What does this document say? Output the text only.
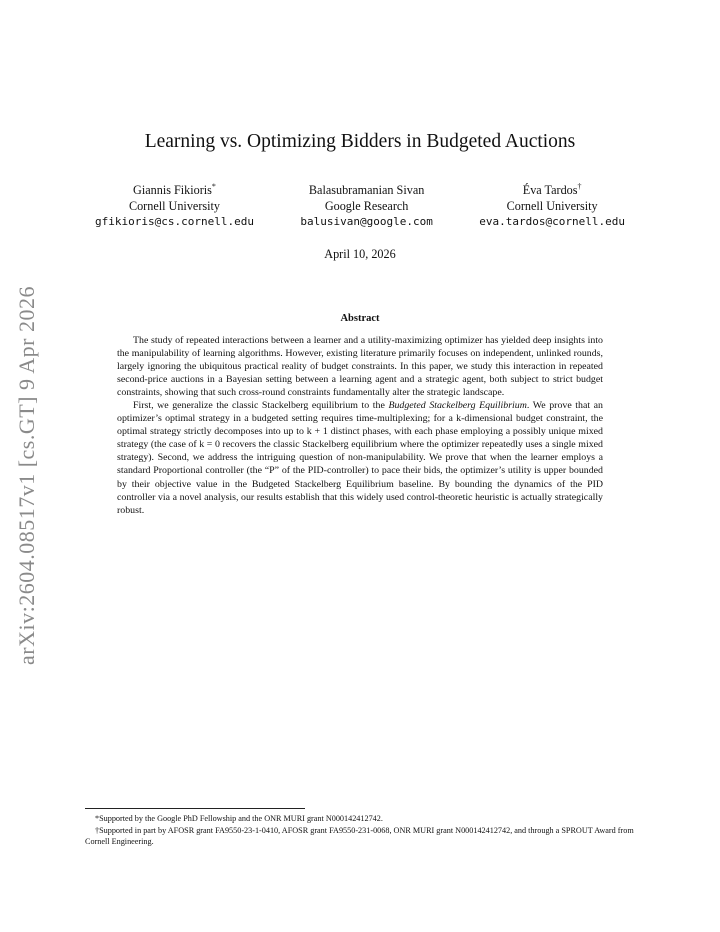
arXiv:2604.08517v1 [cs.GT] 9 Apr 2026
Learning vs. Optimizing Bidders in Budgeted Auctions
Giannis Fikioris*
Cornell University
gfikioris@cs.cornell.edu
Balasubramanian Sivan
Google Research
balusivan@google.com
Éva Tardos†
Cornell University
eva.tardos@cornell.edu
April 10, 2026
Abstract

The study of repeated interactions between a learner and a utility-maximizing optimizer has yielded deep insights into the manipulability of learning algorithms. However, existing literature primarily focuses on independent, unlinked rounds, largely ignoring the ubiquitous practical reality of budget constraints. In this paper, we study this interaction in repeated second-price auctions in a Bayesian setting between a learning agent and a strategic agent, both subject to strict budget constraints, showing that such cross-round constraints fundamentally alter the strategic landscape.

First, we generalize the classic Stackelberg equilibrium to the Budgeted Stackelberg Equilibrium. We prove that an optimizer’s optimal strategy in a budgeted setting requires time-multiplexing; for a k-dimensional budget constraint, the optimal strategy strictly decomposes into up to k + 1 distinct phases, with each phase employing a possibly unique mixed strategy (the case of k = 0 recovers the classic Stackelberg equilibrium where the optimizer repeatedly uses a single mixed strategy). Second, we address the intriguing question of non-manipulability. We prove that when the learner employs a standard Proportional controller (the “P” of the PID-controller) to pace their bids, the optimizer’s utility is upper bounded by their objective value in the Budgeted Stackelberg Equilibrium baseline. By bounding the dynamics of the PID controller via a novel analysis, our results establish that this widely used control-theoretic heuristic is actually strategically robust.

*Supported by the Google PhD Fellowship and the ONR MURI grant N000142412742.
†Supported in part by AFOSR grant FA9550-23-1-0410, AFOSR grant FA9550-231-0068, ONR MURI grant N000142412742, and through a SPROUT Award from Cornell Engineering.
